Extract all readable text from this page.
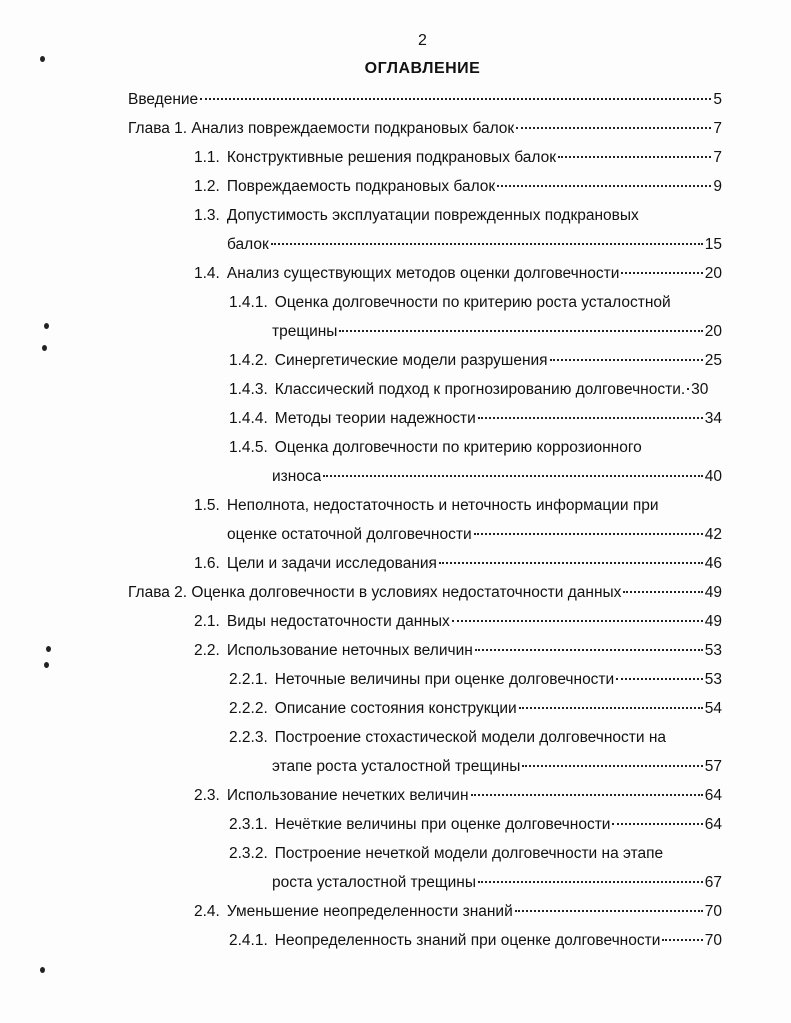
2
ОГЛАВЛЕНИЕ
Введение	5
Глава 1. Анализ повреждаемости подкрановых балок	7
1.1. Конструктивные решения подкрановых балок	7
1.2. Повреждаемость подкрановых балок	9
1.3. Допустимость эксплуатации поврежденных подкрановых
балок	15
1.4. Анализ существующих методов оценки долговечности	20
1.4.1. Оценка долговечности по критерию роста усталостной
трещины	20
1.4.2. Синергетические модели разрушения	25
1.4.3. Классический подход к прогнозированию долговечности. 30
1.4.4. Методы теории надежности	34
1.4.5. Оценка долговечности по критерию коррозионного
износа	40
1.5. Неполнота, недостаточность и неточность информации при
оценке остаточной долговечности	42
1.6. Цели и задачи исследования	46
Глава 2. Оценка долговечности в условиях недостаточности данных	49
2.1. Виды недостаточности данных	49
2.2. Использование неточных величин	53
2.2.1. Неточные величины при оценке долговечности	53
2.2.2. Описание состояния конструкции	54
2.2.3. Построение стохастической модели долговечности на
этапе роста усталостной трещины	57
2.3. Использование нечетких величин	64
2.3.1. Нечёткие величины при оценке долговечности	64
2.3.2. Построение нечеткой модели долговечности на этапе
роста усталостной трещины	67
2.4. Уменьшение неопределенности знаний	70
2.4.1. Неопределенность знаний при оценке долговечности	70
